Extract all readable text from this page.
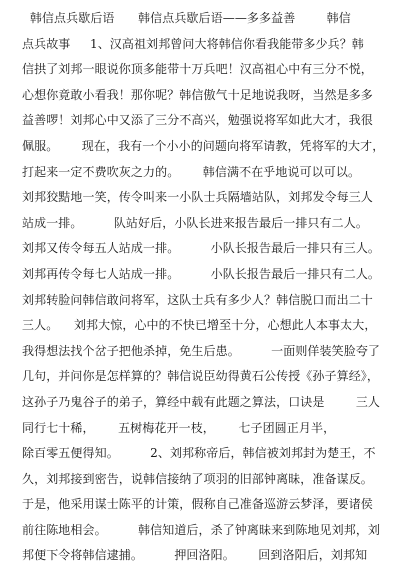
韩信点兵歇后语      韩信点兵歇后语——多多益善        韩信
点兵故事     1、汉高祖刘邦曾问大将韩信你看我能带多少兵？韩
信拱了刘邦一眼说你顶多能带十万兵吧！汉高祖心中有三分不悦，
心想你竟敢小看我！那你呢？韩信傲气十足地说我呀，当然是多多
益善啰！刘邦心中又添了三分不高兴，勉强说将军如此大才，我很
佩服。      现在，我有一个小小的问题向将军请教，凭将军的大才，
打起来一定不费吹灰之力的。      韩信满不在乎地说可以可以。
刘邦狡黠地一笑，传令叫来一小队士兵隔墙站队，刘邦发令每三人
站成一排。        队站好后，小队长进来报告最后一排只有二人。
刘邦又传令每五人站成一排。        小队长报告最后一排只有三人。
刘邦再传令每七人站成一排。        小队长报告最后一排只有二人。
刘邦转脸问韩信敢问将军，这队士兵有多少人？韩信脱口而出二十
三人。    刘邦大惊，心中的不快已增至十分，心想此人本事太大，
我得想法找个岔子把他杀掉，免生后患。        一面则佯装笑脸夸了
几句，并问你是怎样算的？韩信说臣幼得黄石公传授《孙子算经》，
这孙子乃鬼谷子的弟子，算经中载有此题之算法，口诀是        三人
同行七十稀，      五树梅花开一枝，      七子团圆正月半，
除百零五便得知。        2、刘邦称帝后，韩信被刘邦封为楚王，不
久，刘邦接到密告，说韩信接纳了项羽的旧部钟离昧，准备谋反。
于是，他采用谋士陈平的计策，假称自己准备巡游云梦泽，要诸侯
前往陈地相会。        韩信知道后，杀了钟离昧来到陈地见刘邦，刘
邦便下令将韩信逮捕。        押回洛阳。      回到洛阳后，刘邦知
